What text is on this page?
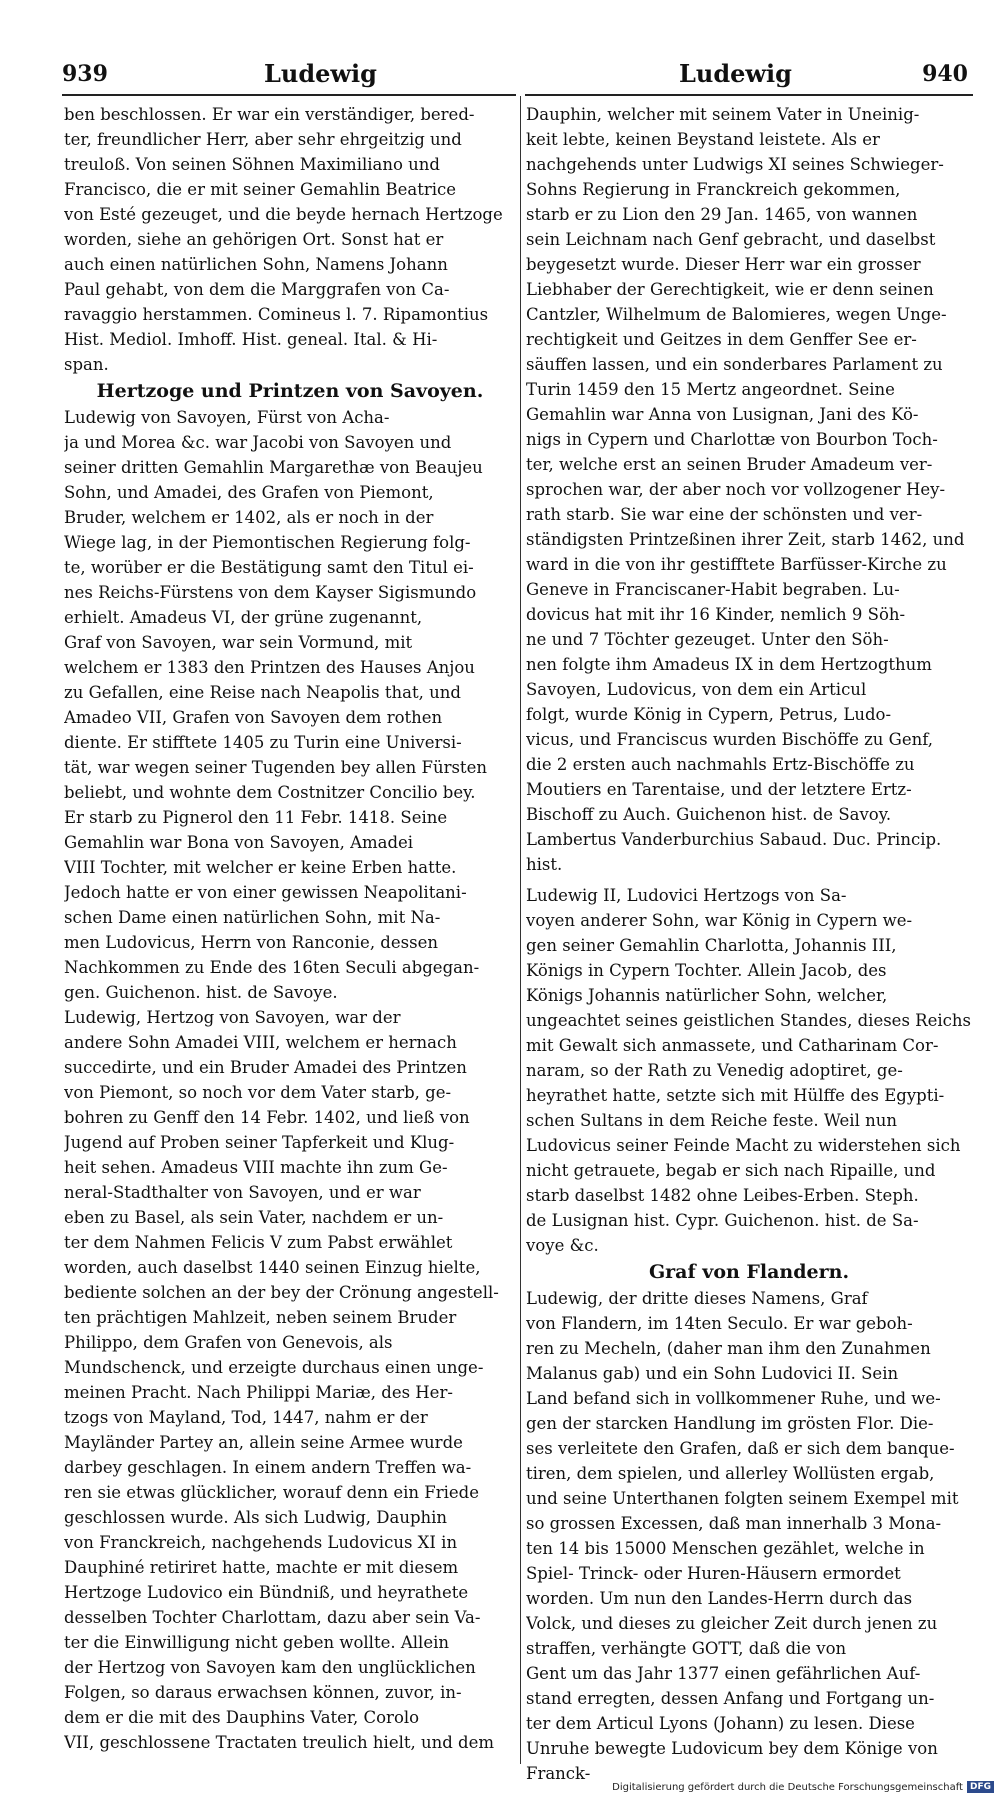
939	Ludewig	Ludewig	940

ben beschlossen. Er war ein verständiger, bered-
ter, freundlicher Herr, aber sehr ehrgeitzig und
treuloß. Von seinen Söhnen Maximiliano und
Francisco, die er mit seiner Gemahlin Beatrice
von Esté gezeuget, und die beyde hernach Hertzoge
worden, siehe an gehörigen Ort. Sonst hat er
auch einen natürlichen Sohn, Namens Johann
Paul gehabt, von dem die Marggrafen von Ca-
ravaggio herstammen. Comineus l. 7. Ripamontius
Hist. Mediol. Imhoff. Hist. geneal. Ital. & Hi-
span.

Hertzoge und Printzen von Savoyen.

Ludewig von Savoyen, Fürst von Acha-
ja und Morea &c. war Jacobi von Savoyen und
seiner dritten Gemahlin Margarethæ von Beaujeu
Sohn, und Amadei, des Grafen von Piemont,
Bruder, welchem er 1402, als er noch in der
Wiege lag, in der Piemontischen Regierung folg-
te, worüber er die Bestätigung samt den Titul ei-
nes Reichs-Fürstens von dem Kayser Sigismundo
erhielt. Amadeus VI, der grüne zugenannt,
Graf von Savoyen, war sein Vormund, mit
welchem er 1383 den Printzen des Hauses Anjou
zu Gefallen, eine Reise nach Neapolis that, und
Amadeo VII, Grafen von Savoyen dem rothen
diente. Er stifftete 1405 zu Turin eine Universi-
tät, war wegen seiner Tugenden bey allen Fürsten
beliebt, und wohnte dem Costnitzer Concilio bey.
Er starb zu Pignerol den 11 Febr. 1418. Seine
Gemahlin war Bona von Savoyen, Amadei
VIII Tochter, mit welcher er keine Erben hatte.
Jedoch hatte er von einer gewissen Neapolitani-
schen Dame einen natürlichen Sohn, mit Na-
men Ludovicus, Herrn von Ranconie, dessen
Nachkommen zu Ende des 16ten Seculi abgegan-
gen. Guichenon. hist. de Savoye.

Ludewig, Hertzog von Savoyen, war der
andere Sohn Amadei VIII, welchem er hernach
succedirte, und ein Bruder Amadei des Printzen
von Piemont, so noch vor dem Vater starb, ge-
bohren zu Genff den 14 Febr. 1402, und ließ von
Jugend auf Proben seiner Tapferkeit und Klug-
heit sehen. Amadeus VIII machte ihn zum Ge-
neral-Stadthalter von Savoyen, und er war
eben zu Basel, als sein Vater, nachdem er un-
ter dem Nahmen Felicis V zum Pabst erwählet
worden, auch daselbst 1440 seinen Einzug hielte,
bediente solchen an der bey der Crönung angestell-
ten prächtigen Mahlzeit, neben seinem Bruder
Philippo, dem Grafen von Genevois, als
Mundschenck, und erzeigte durchaus einen unge-
meinen Pracht. Nach Philippi Mariæ, des Her-
tzogs von Mayland, Tod, 1447, nahm er der
Mayländer Partey an, allein seine Armee wurde
darbey geschlagen. In einem andern Treffen wa-
ren sie etwas glücklicher, worauf denn ein Friede
geschlossen wurde. Als sich Ludwig, Dauphin
von Franckreich, nachgehends Ludovicus XI in
Dauphiné retiriret hatte, machte er mit diesem
Hertzoge Ludovico ein Bündniß, und heyrathete
desselben Tochter Charlottam, dazu aber sein Va-
ter die Einwilligung nicht geben wollte. Allein
der Hertzog von Savoyen kam den unglücklichen
Folgen, so daraus erwachsen können, zuvor, in-
dem er die mit des Dauphins Vater, Corolo
VII, geschlossene Tractaten treulich hielt, und dem

Dauphin, welcher mit seinem Vater in Uneinig-
keit lebte, keinen Beystand leistete. Als er
nachgehends unter Ludwigs XI seines Schwieger-
Sohns Regierung in Franckreich gekommen,
starb er zu Lion den 29 Jan. 1465, von wannen
sein Leichnam nach Genf gebracht, und daselbst
beygesetzt wurde. Dieser Herr war ein grosser
Liebhaber der Gerechtigkeit, wie er denn seinen
Cantzler, Wilhelmum de Balomieres, wegen Unge-
rechtigkeit und Geitzes in dem Genffer See er-
säuffen lassen, und ein sonderbares Parlament zu
Turin 1459 den 15 Mertz angeordnet. Seine
Gemahlin war Anna von Lusignan, Jani des Kö-
nigs in Cypern und Charlottæ von Bourbon Toch-
ter, welche erst an seinen Bruder Amadeum ver-
sprochen war, der aber noch vor vollzogener Hey-
rath starb. Sie war eine der schönsten und ver-
ständigsten Printzeßinen ihrer Zeit, starb 1462, und
ward in die von ihr gestifftete Barfüsser-Kirche zu
Geneve in Franciscaner-Habit begraben. Lu-
dovicus hat mit ihr 16 Kinder, nemlich 9 Söh-
ne und 7 Töchter gezeuget. Unter den Söh-
nen folgte ihm Amadeus IX in dem Hertzogthum
Savoyen, Ludovicus, von dem ein Articul
folgt, wurde König in Cypern, Petrus, Ludo-
vicus, und Franciscus wurden Bischöffe zu Genf,
die 2 ersten auch nachmahls Ertz-Bischöffe zu
Moutiers en Tarentaise, und der letztere Ertz-
Bischoff zu Auch. Guichenon hist. de Savoy.
Lambertus Vanderburchius Sabaud. Duc. Princip.
hist.

Ludewig II, Ludovici Hertzogs von Sa-
voyen anderer Sohn, war König in Cypern we-
gen seiner Gemahlin Charlotta, Johannis III,
Königs in Cypern Tochter. Allein Jacob, des
Königs Johannis natürlicher Sohn, welcher,
ungeachtet seines geistlichen Standes, dieses Reichs
mit Gewalt sich anmassete, und Catharinam Cor-
naram, so der Rath zu Venedig adoptiret, ge-
heyrathet hatte, setzte sich mit Hülffe des Egypti-
schen Sultans in dem Reiche feste. Weil nun
Ludovicus seiner Feinde Macht zu widerstehen sich
nicht getrauete, begab er sich nach Ripaille, und
starb daselbst 1482 ohne Leibes-Erben. Steph.
de Lusignan hist. Cypr. Guichenon. hist. de Sa-
voye &c.

Graf von Flandern.

Ludewig, der dritte dieses Namens, Graf
von Flandern, im 14ten Seculo. Er war geboh-
ren zu Mecheln, (daher man ihm den Zunahmen
Malanus gab) und ein Sohn Ludovici II. Sein
Land befand sich in vollkommener Ruhe, und we-
gen der starcken Handlung im grösten Flor. Die-
ses verleitete den Grafen, daß er sich dem banque-
tiren, dem spielen, und allerley Wollüsten ergab,
und seine Unterthanen folgten seinem Exempel mit
so grossen Excessen, daß man innerhalb 3 Mona-
ten 14 bis 15000 Menschen gezählet, welche in
Spiel- Trinck- oder Huren-Häusern ermordet
worden. Um nun den Landes-Herrn durch das
Volck, und dieses zu gleicher Zeit durch jenen zu
straffen, verhängte GOTT, daß die von
Gent um das Jahr 1377 einen gefährlichen Auf-
stand erregten, dessen Anfang und Fortgang un-
ter dem Articul Lyons (Johann) zu lesen. Diese
Unruhe bewegte Ludovicum bey dem Könige von
Franck-

Digitalisierung gefördert durch die Deutsche Forschungsgemeinschaft DFG
